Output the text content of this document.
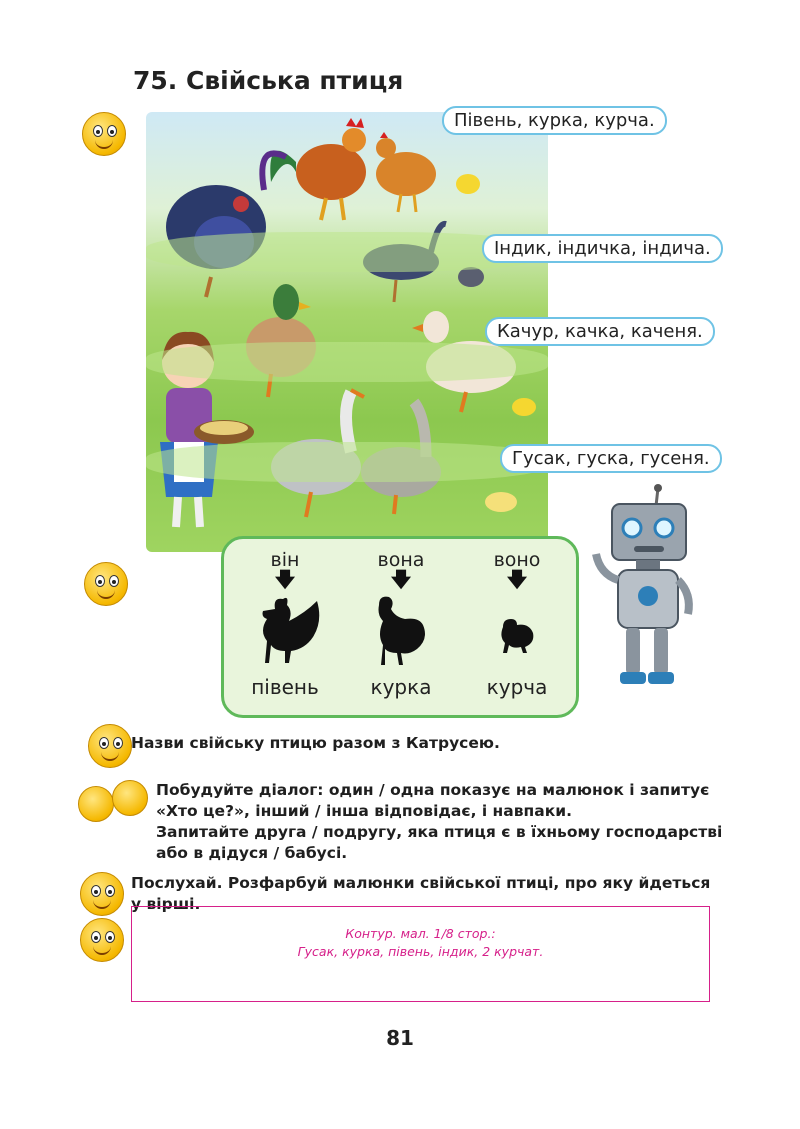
75. Свійська птиця
Півень, курка, курча.
Індик, індичка, індича.
Качур, качка, каченя.
Гусак, гуска, гусеня.
він
🡇
півень
вона
🡇
курка
воно
🡇
курча
Назви свійську птицю разом з Катрусею.
Побудуйте діалог: один / одна показує на малюнок і запитує
«Хто це?», інший / інша відповідає, і навпаки.
Запитайте друга / подругу, яка птиця є в їхньому господарстві
або в дідуся / бабусі.
Послухай. Розфарбуй малюнки свійської птиці, про яку йдеться
у вірші.
Контур. мал. 1/8 стор.:
Гусак, курка, півень, індик, 2 курчат.
81
